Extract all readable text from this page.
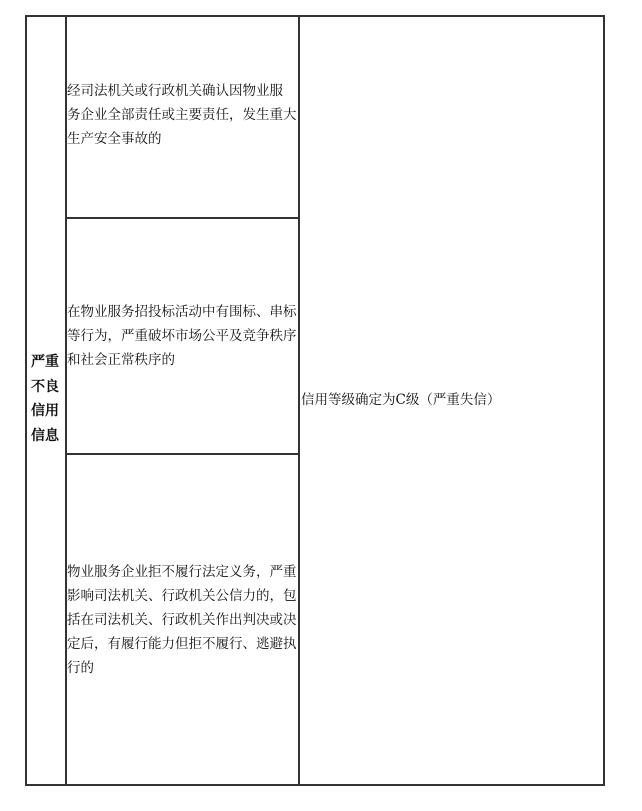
严重
不良
信用
信息
经司法机关或行政机关确认因物业服
务企业全部责任或主要责任，发生重大
生产安全事故的
在物业服务招投标活动中有围标、串标
等行为，严重破坏市场公平及竞争秩序
和社会正常秩序的
物业服务企业拒不履行法定义务，严重
影响司法机关、行政机关公信力的，包
括在司法机关、行政机关作出判决或决
定后，有履行能力但拒不履行、逃避执
行的
信用等级确定为C级（严重失信）
